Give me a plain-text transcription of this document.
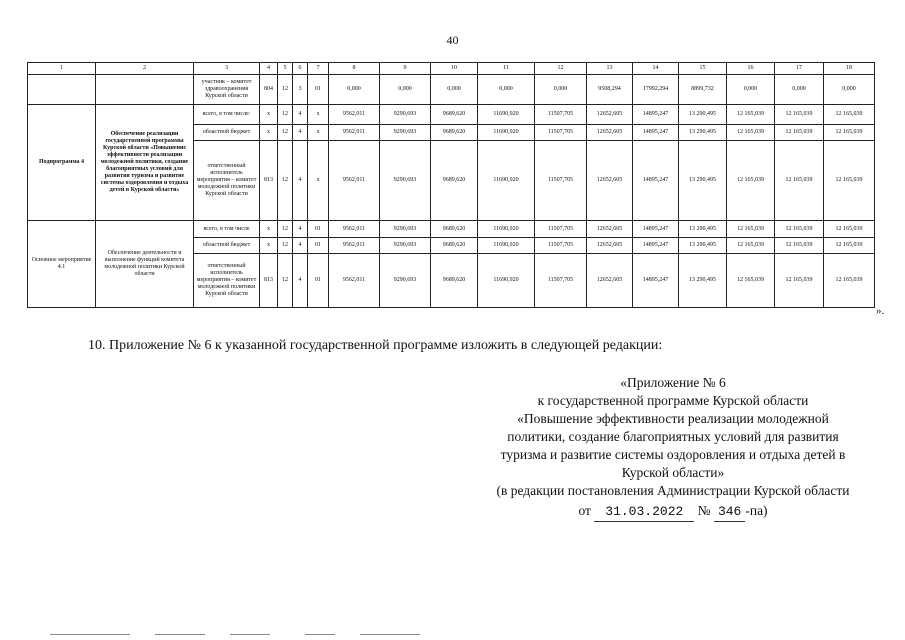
40
1	2	3	4	5	6	7	8	9	10	11	12	13	14	15	16	17	18
		участник – комитет здравоохранения Курской области	804	12	3	01	0,000	0,000	0,000	0,000	0,000	9508,294	17992,294	8899,732	0,000	0,000	0,000
Подпрограмма 4	Обеспечение реализации государственной программы Курской области «Повышение эффективности реализации молодежной политики, создание благоприятных условий для развития туризма и развитие системы оздоровления и отдыха детей в Курской области»	всего, в том числе:	х	12	4	х	9562,011	9290,693	9689,620	11690,920	11507,705	12652,605	14895,247	13 290,495	12 165,039	12 165,039	12 165,039
		областной бюджет	х	12	4	х	9562,011	9290,693	9689,620	11690,920	11507,705	12652,605	14895,247	13 290,495	12 165,039	12 165,039	12 165,039
		ответственный исполнитель мероприятия – комитет молодежной политики Курской области	813	12	4	х	9562,011	9290,693	9689,620	11690,920	11507,705	12652,605	14895,247	13 290,495	12 165,039	12 165,039	12 165,039
Основное мероприятие 4.1	Обеспечение деятельности и выполнение функций комитета молодежной политики Курской области	всего, в том числе	х	12	4	01	9562,011	9290,693	9689,620	11690,920	11507,705	12652,605	14895,247	13 290,495	12 165,039	12 165,039	12 165,039
		областной бюджет	х	12	4	01	9562,011	9290,693	9689,620	11690,920	11507,705	12652,605	14895,247	13 290,495	12 165,039	12 165,039	12 165,039
		ответственный исполнитель мероприятия – комитет молодежной политики Курской области	813	12	4	01	9562,011	9290,693	9689,620	11690,920	11507,705	12652,605	14895,247	13 290,495	12 165,039	12 165,039	12 165,039
».
10. Приложение № 6 к указанной государственной программе изложить в следующей редакции:

«Приложение № 6

к государственной программе Курской области

«Повышение эффективности реализации молодежной политики, создание благоприятных условий для развития туризма и развитие системы оздоровления и отдыха детей в Курской области»

(в редакции постановления Администрации Курской области

от 31.03.2022 № 346 -па)
